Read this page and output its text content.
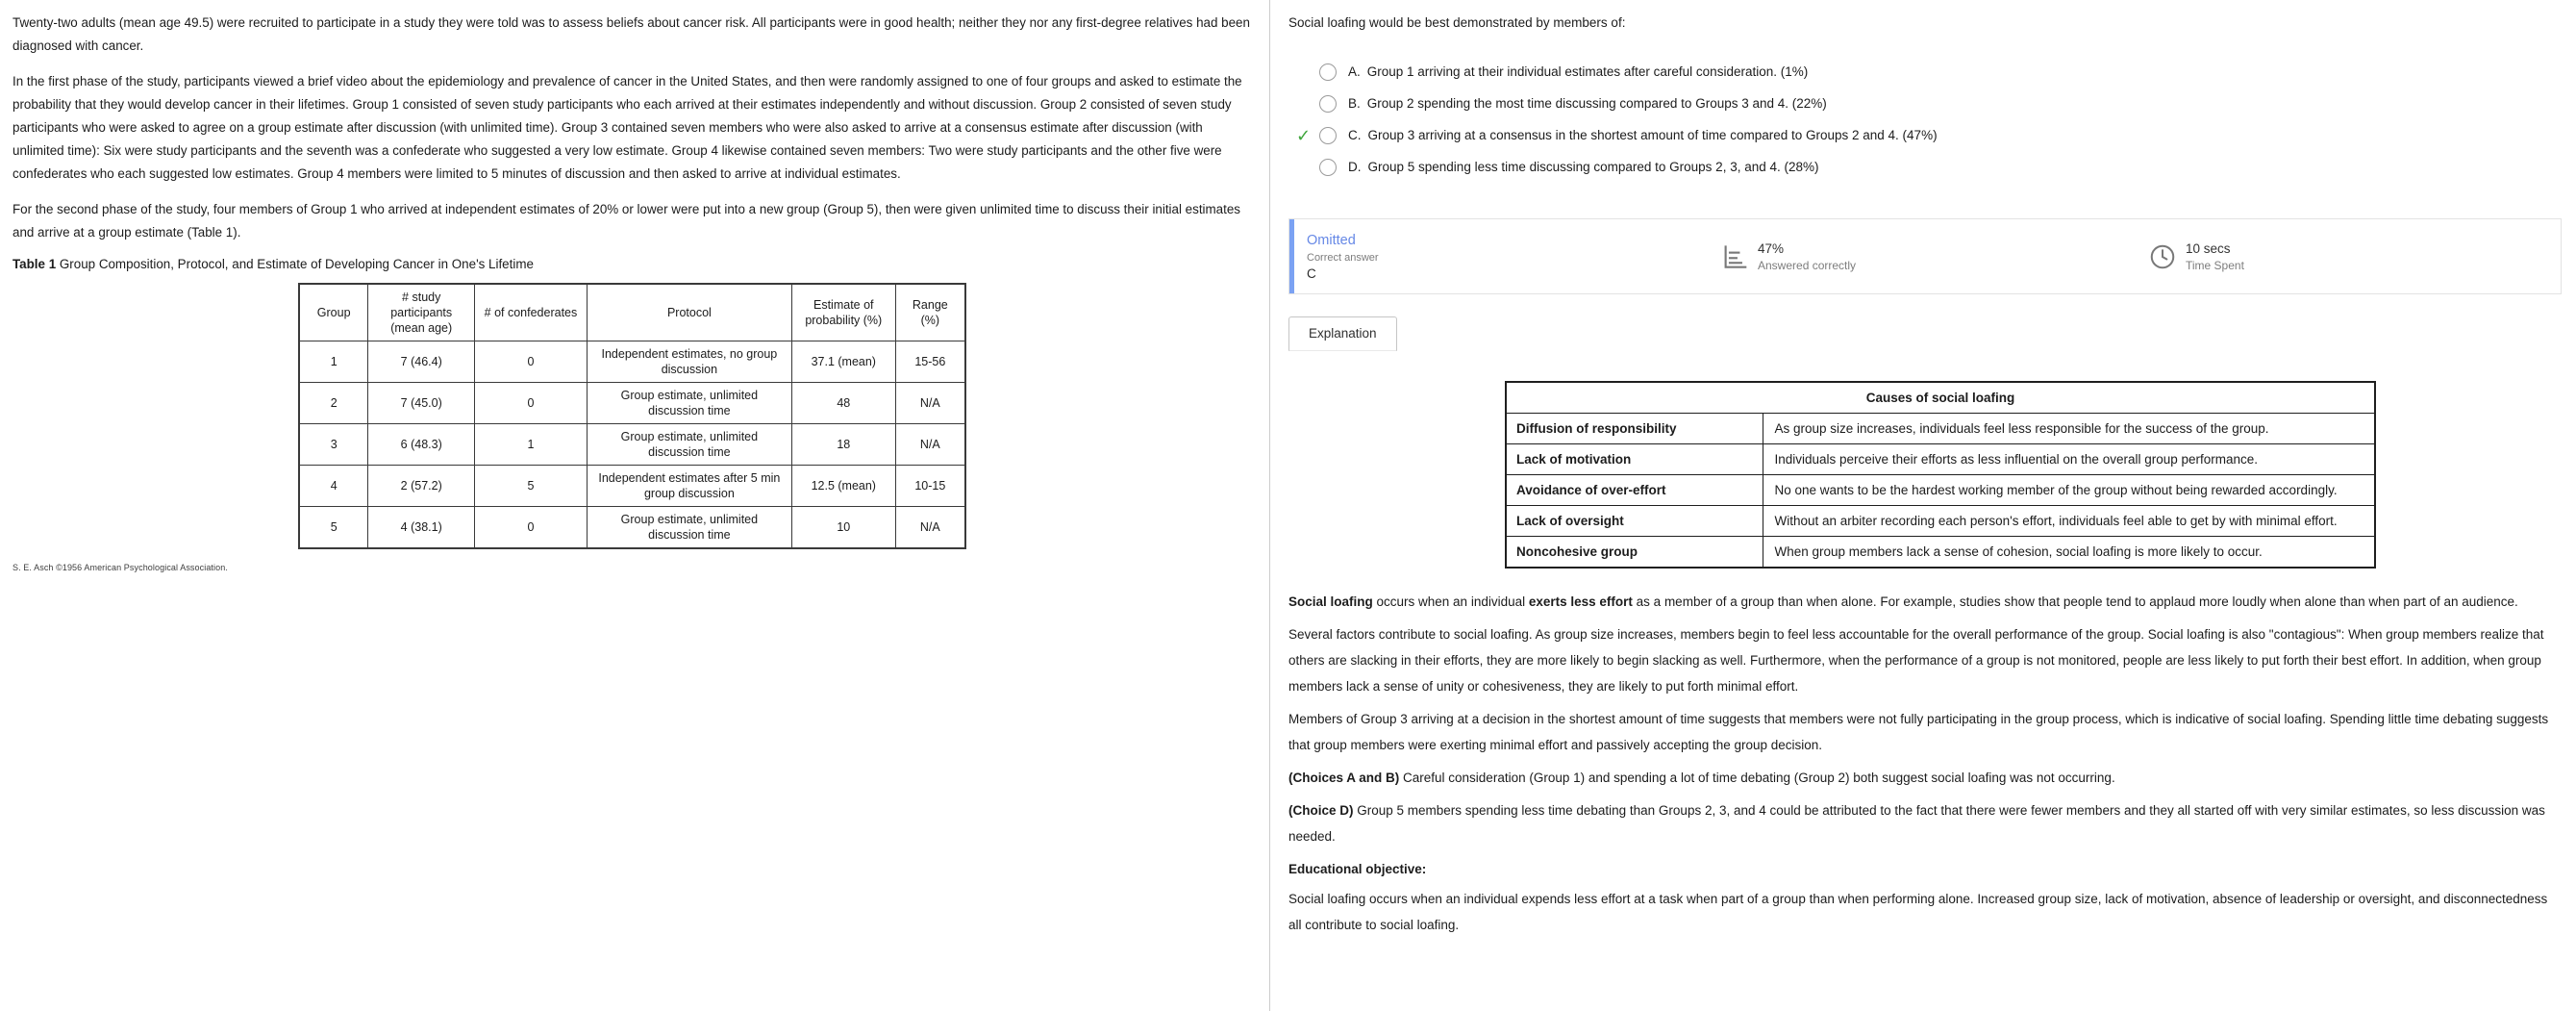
Twenty-two adults (mean age 49.5) were recruited to participate in a study they were told was to assess beliefs about cancer risk. All participants were in good health; neither they nor any first-degree relatives had been diagnosed with cancer.

In the first phase of the study, participants viewed a brief video about the epidemiology and prevalence of cancer in the United States, and then were randomly assigned to one of four groups and asked to estimate the probability that they would develop cancer in their lifetimes. Group 1 consisted of seven study participants who each arrived at their estimates independently and without discussion. Group 2 consisted of seven study participants who were asked to agree on a group estimate after discussion (with unlimited time). Group 3 contained seven members who were also asked to arrive at a consensus estimate after discussion (with unlimited time): Six were study participants and the seventh was a confederate who suggested a very low estimate. Group 4 likewise contained seven members: Two were study participants and the other five were confederates who each suggested low estimates. Group 4 members were limited to 5 minutes of discussion and then asked to arrive at individual estimates.

For the second phase of the study, four members of Group 1 who arrived at independent estimates of 20% or lower were put into a new group (Group 5), then were given unlimited time to discuss their initial estimates and arrive at a group estimate (Table 1).

Table 1 Group Composition, Protocol, and Estimate of Developing Cancer in One's Lifetime
Group	# study participants (mean age)	# of confederates	Protocol	Estimate of probability (%)	Range (%)
1	7 (46.4)	0	Independent estimates, no group discussion	37.1 (mean)	15-56
2	7 (45.0)	0	Group estimate, unlimited discussion time	48	N/A
3	6 (48.3)	1	Group estimate, unlimited discussion time	18	N/A
4	2 (57.2)	5	Independent estimates after 5 min group discussion	12.5 (mean)	10-15
5	4 (38.1)	0	Group estimate, unlimited discussion time	10	N/A
S. E. Asch ©1956 American Psychological Association.

Social loafing would be best demonstrated by members of:

A. Group 1 arriving at their individual estimates after careful consideration. (1%)
B. Group 2 spending the most time discussing compared to Groups 3 and 4. (22%)
✓	C. Group 3 arriving at a consensus in the shortest amount of time compared to Groups 2 and 4. (47%)
D. Group 5 spending less time discussing compared to Groups 2, 3, and 4. (28%)
Omitted
Correct answer
C
47%
Answered correctly
10 secs
Time Spent
Explanation
Causes of social loafing	
Diffusion of responsibility	As group size increases, individuals feel less responsible for the success of the group.
Lack of motivation	Individuals perceive their efforts as less influential on the overall group performance.
Avoidance of over-effort	No one wants to be the hardest working member of the group without being rewarded accordingly.
Lack of oversight	Without an arbiter recording each person's effort, individuals feel able to get by with minimal effort.
Noncohesive group	When group members lack a sense of cohesion, social loafing is more likely to occur.

Social loafing occurs when an individual exerts less effort as a member of a group than when alone. For example, studies show that people tend to applaud more loudly when alone than when part of an audience.

Several factors contribute to social loafing. As group size increases, members begin to feel less accountable for the overall performance of the group. Social loafing is also "contagious": When group members realize that others are slacking in their efforts, they are more likely to begin slacking as well. Furthermore, when the performance of a group is not monitored, people are less likely to put forth their best effort. In addition, when group members lack a sense of unity or cohesiveness, they are likely to put forth minimal effort.

Members of Group 3 arriving at a decision in the shortest amount of time suggests that members were not fully participating in the group process, which is indicative of social loafing. Spending little time debating suggests that group members were exerting minimal effort and passively accepting the group decision.

(Choices A and B) Careful consideration (Group 1) and spending a lot of time debating (Group 2) both suggest social loafing was not occurring.

(Choice D) Group 5 members spending less time debating than Groups 2, 3, and 4 could be attributed to the fact that there were fewer members and they all started off with very similar estimates, so less discussion was needed.

Educational objective:

Social loafing occurs when an individual expends less effort at a task when part of a group than when performing alone. Increased group size, lack of motivation, absence of leadership or oversight, and disconnectedness all contribute to social loafing.
